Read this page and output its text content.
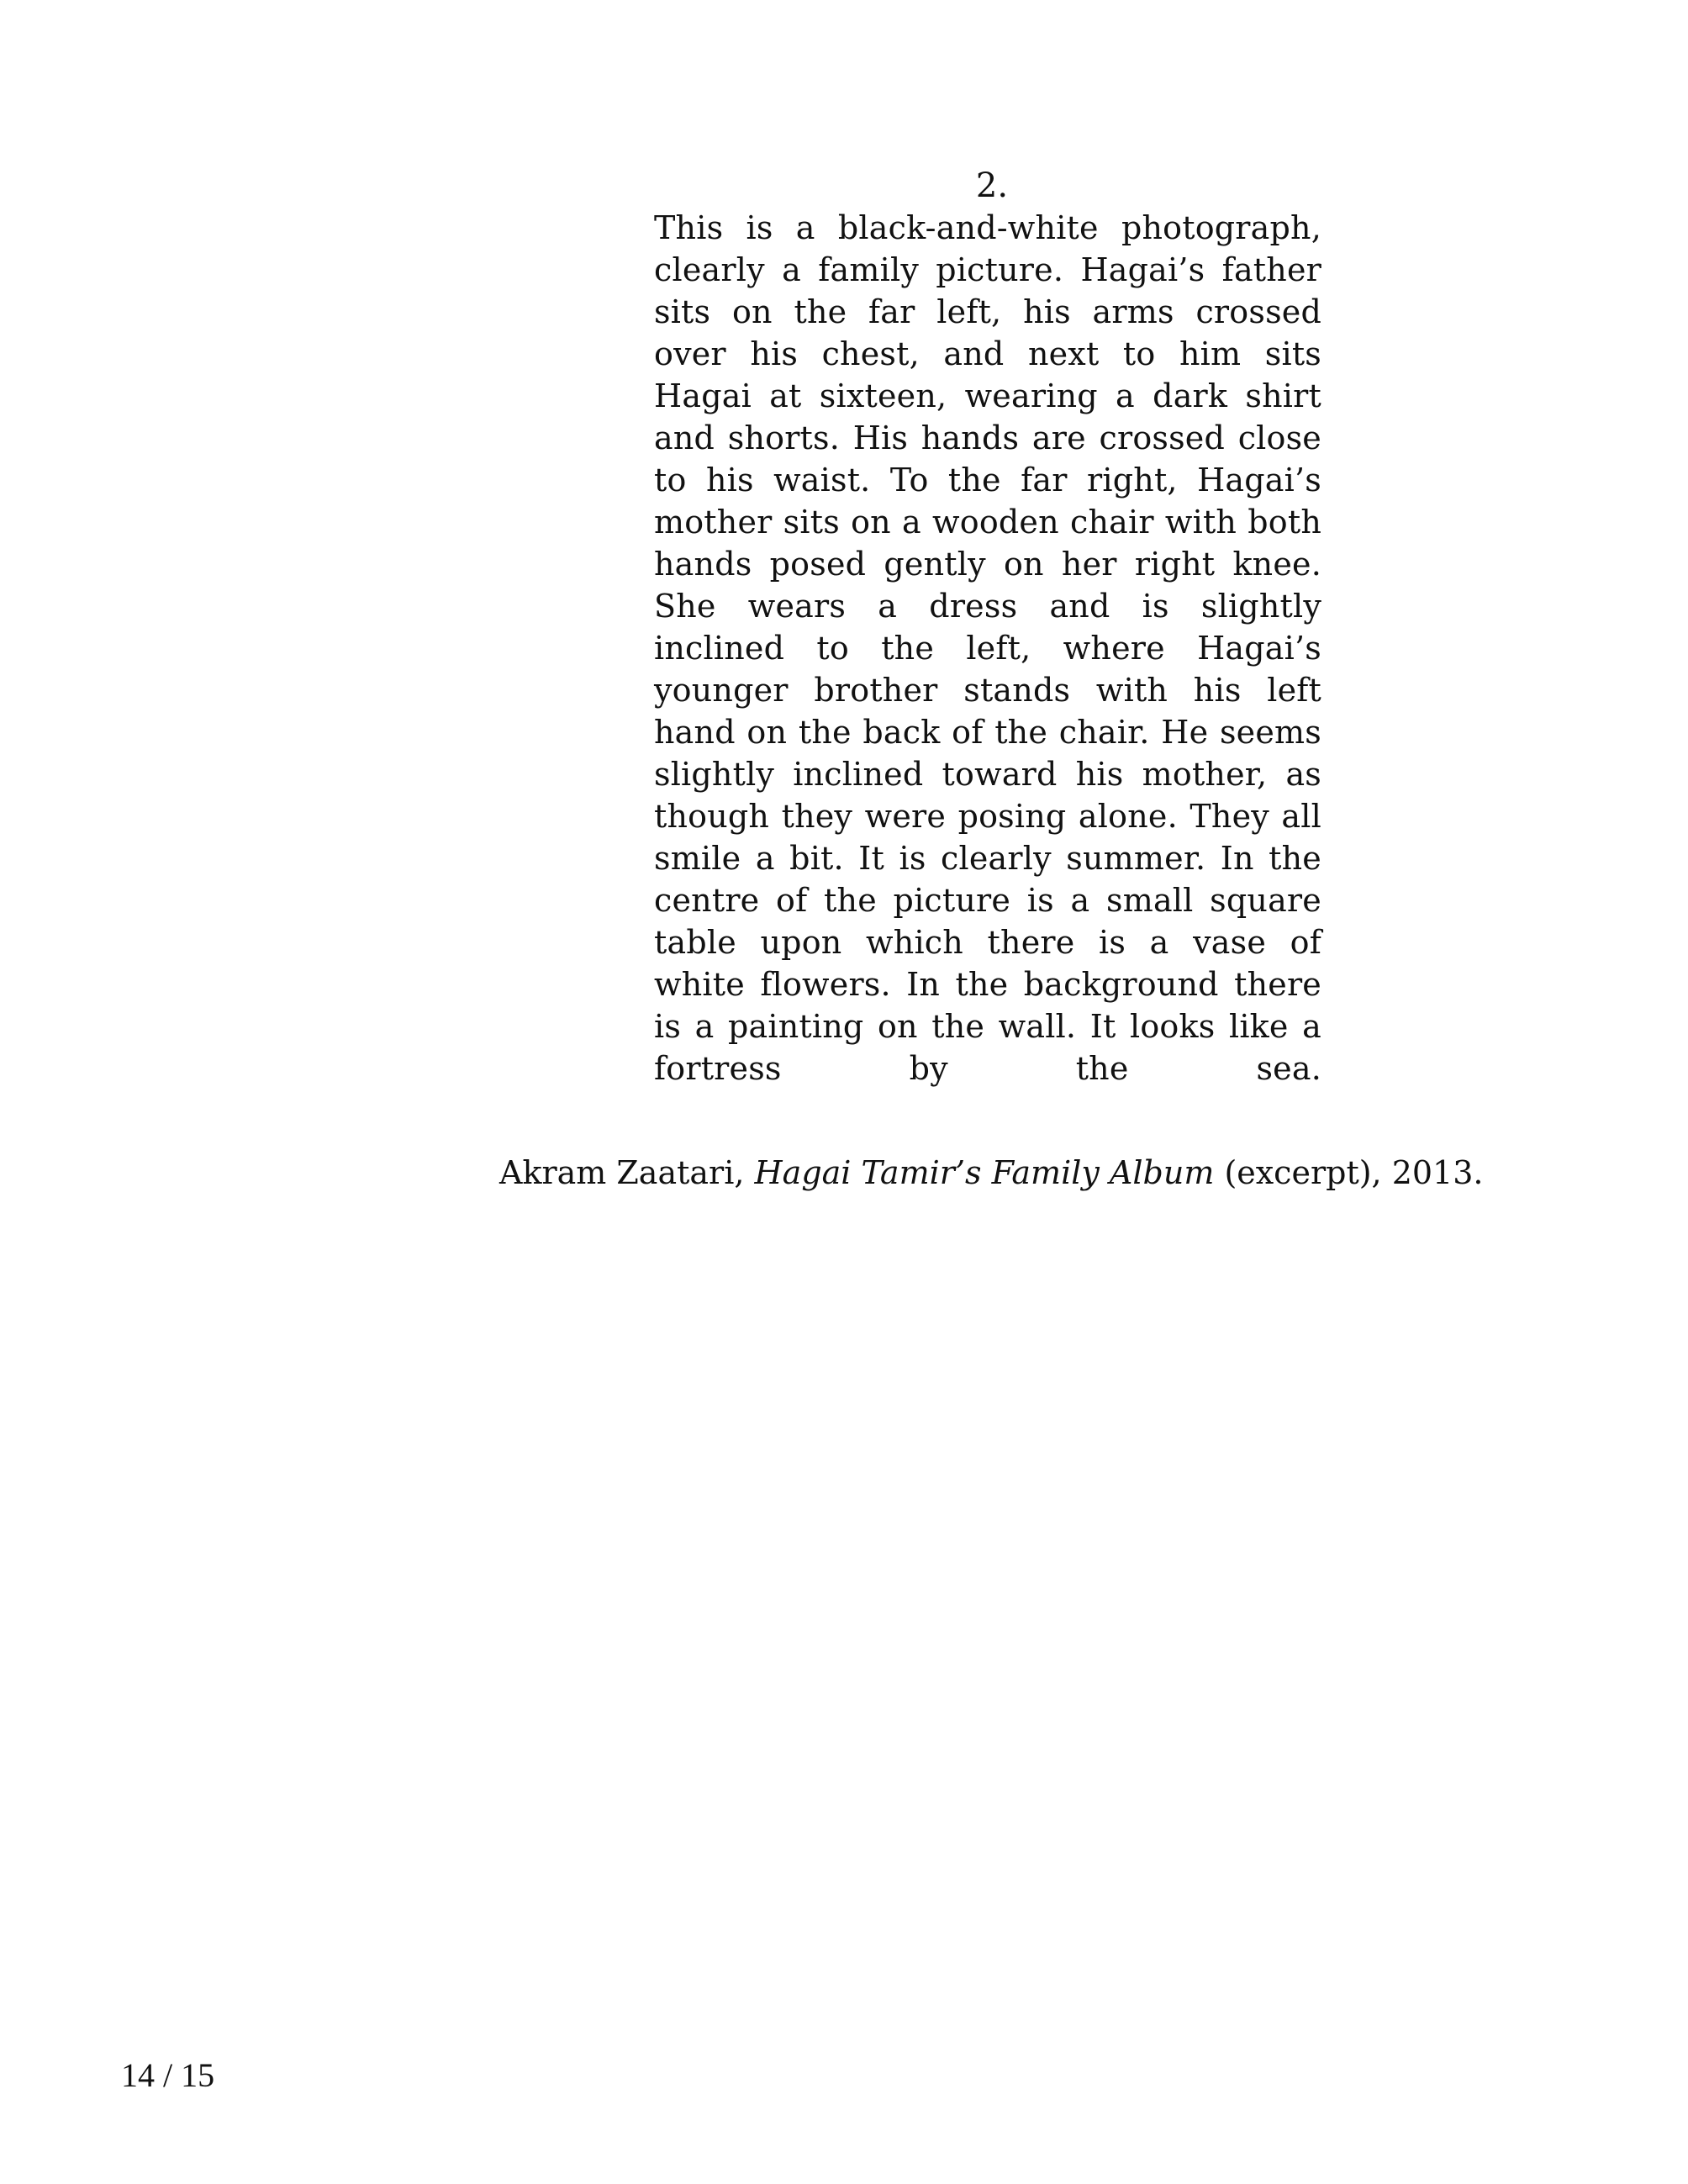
2.

This is a black-and-white photograph, clearly a family picture. Hagai’s father sits on the far left, his arms crossed over his chest, and next to him sits Hagai at sixteen, wearing a dark shirt and shorts. His hands are crossed close to his waist. To the far right, Hagai’s mother sits on a wooden chair with both hands posed gently on her right knee. She wears a dress and is slightly inclined to the left, where Hagai’s younger brother stands with his left hand on the back of the chair. He seems slightly inclined toward his mother, as though they were posing alone. They all smile a bit. It is clearly summer. In the centre of the picture is a small square table upon which there is a vase of white flowers. In the background there is a painting on the wall. It looks like a fortress by the sea.

Akram Zaatari, Hagai Tamir’s Family Album (excerpt), 2013.

14 / 15
